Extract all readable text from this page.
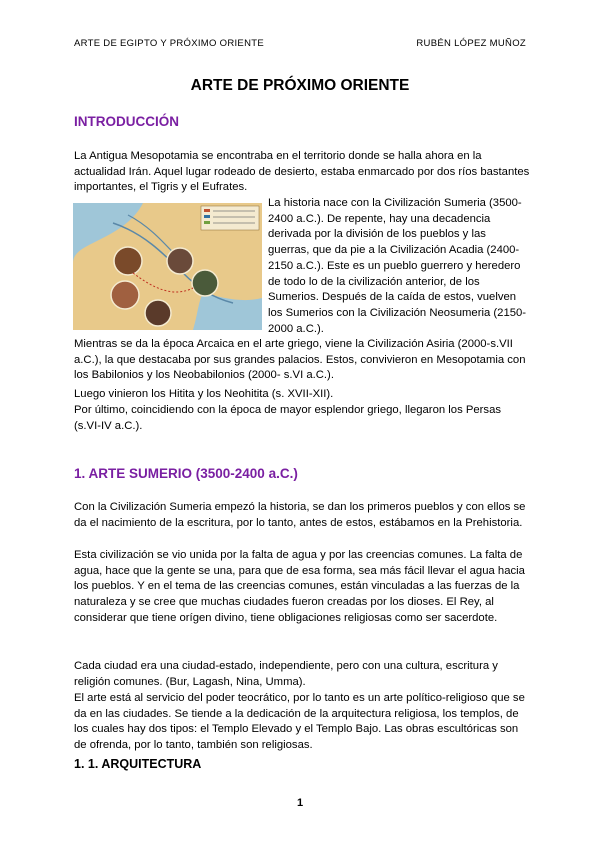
ARTE DE EGIPTO Y PRÓXIMO ORIENTE	RUBÉN LÓPEZ MUÑOZ
ARTE DE PRÓXIMO ORIENTE
INTRODUCCIÓN

La Antigua Mesopotamia se encontraba en el territorio donde se halla ahora en la actualidad Irán. Aquel lugar rodeado de desierto, estaba enmarcado por dos ríos bastantes importantes, el Tigris y el Eufrates.

La historia nace con la Civilización Sumeria (3500-2400 a.C.). De repente, hay una decadencia derivada por la división de los pueblos y las guerras, que da pie a la Civilización Acadia (2400-2150 a.C.). Este es un pueblo guerrero y heredero de todo lo de la civilización anterior, de los Sumerios. Después de la caída de estos, vuelven los Sumerios con la Civilización Neosumeria (2150-2000 a.C.).

Mientras se da la época Arcaica en el arte griego, viene la Civilización Asiria (2000-s.VII a.C.), la que destacaba por sus grandes palacios. Estos, convivieron en Mesopotamia con los Babilonios y los Neobabilonios (2000- s.VI a.C.).

Luego vinieron los Hitita y los Neohitita (s. XVII-XII).

Por último, coincidiendo con la época de mayor esplendor griego, llegaron los Persas (s.VI-IV a.C.).

1. ARTE SUMERIO (3500-2400 a.C.)

Con la Civilización Sumeria empezó la historia, se dan los primeros pueblos y con ellos se da el nacimiento de la escritura, por lo tanto, antes de estos, estábamos en la Prehistoria.

Esta civilización se vio unida por la falta de agua y por las creencias comunes. La falta de agua, hace que la gente se una, para que de esa forma, sea más fácil llevar el agua hacia los pueblos. Y en el tema de las creencias comunes, están vinculadas a las fuerzas de la naturaleza y se cree que muchas ciudades fueron creadas por los dioses. El Rey, al considerar que tiene orígen divino, tiene obligaciones religiosas como ser sacerdote.

Cada ciudad era una ciudad-estado, independiente, pero con una cultura, escritura y religión comunes. (Bur, Lagash, Nina, Umma).

El arte está al servicio del poder teocrático, por lo tanto es un arte político-religioso que se da en las ciudades. Se tiende a la dedicación de la arquitectura religiosa, los templos, de los cuales hay dos tipos: el Templo Elevado y el Templo Bajo. Las obras escultóricas son de ofrenda, por lo tanto, también son religiosas.

1. 1. ARQUITECTURA
1
